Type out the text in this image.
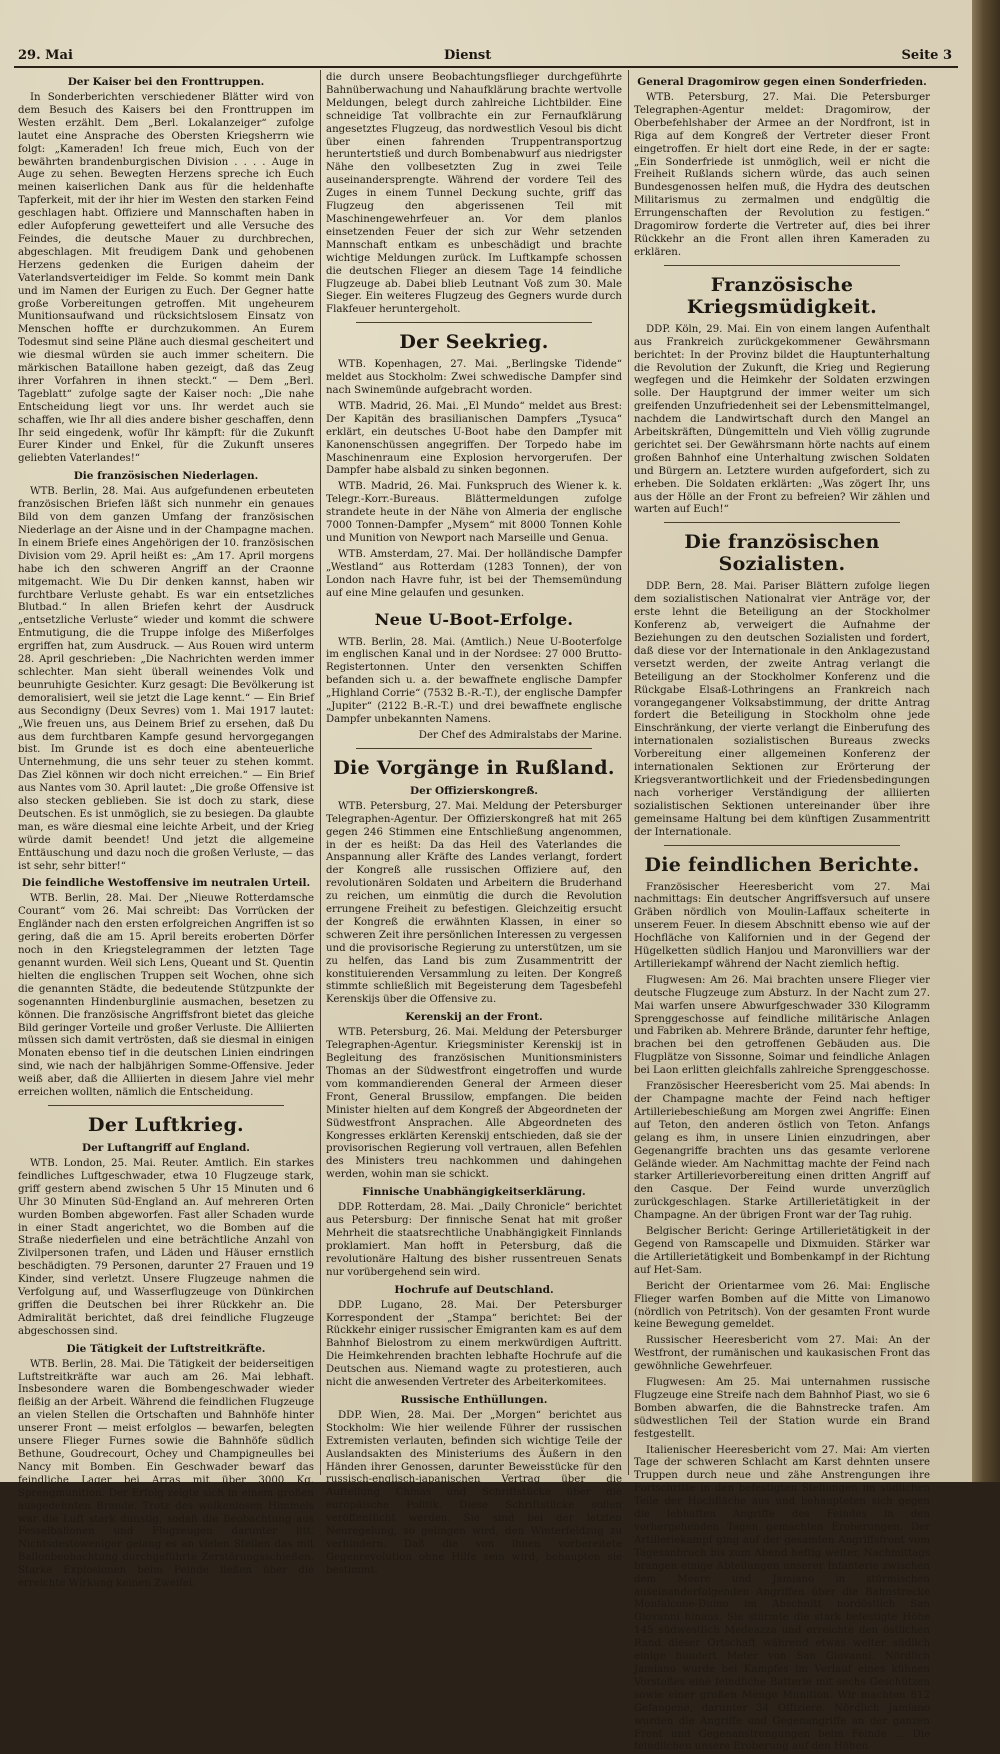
29. Mai	Dienst	Seite 3
Der Kaiser bei den Fronttruppen.

In Sonderberichten verschiedener Blätter wird von dem Besuch des Kaisers bei den Fronttruppen im Westen erzählt. Dem „Berl. Lokalanzeiger“ zufolge lautet eine Ansprache des Obersten Kriegsherrn wie folgt: „Kameraden! Ich freue mich, Euch von der bewährten brandenburgischen Division . . . . Auge in Auge zu sehen. Bewegten Herzens spreche ich Euch meinen kaiserlichen Dank aus für die heldenhafte Tapferkeit, mit der ihr hier im Westen den starken Feind geschlagen habt. Offiziere und Mannschaften haben in edler Aufopferung gewetteifert und alle Versuche des Feindes, die deutsche Mauer zu durchbrechen, abgeschlagen. Mit freudigem Dank und gehobenen Herzens gedenken die Eurigen daheim der Vaterlandsverteidiger im Felde. So kommt mein Dank und im Namen der Eurigen zu Euch. Der Gegner hatte große Vorbereitungen getroffen. Mit ungeheurem Munitionsaufwand und rücksichtslosem Einsatz von Menschen hoffte er durchzukommen. An Eurem Todesmut sind seine Pläne auch diesmal gescheitert und wie diesmal würden sie auch immer scheitern. Die märkischen Bataillone haben gezeigt, daß das Zeug ihrer Vorfahren in ihnen steckt.“ — Dem „Berl. Tageblatt“ zufolge sagte der Kaiser noch: „Die nahe Entscheidung liegt vor uns. Ihr werdet auch sie schaffen, wie Ihr all dies andere bisher geschaffen, denn Ihr seid eingedenk, wofür Ihr kämpft: für die Zukunft Eurer Kinder und Enkel, für die Zukunft unseres geliebten Vaterlandes!“

Die französischen Niederlagen.

WTB. Berlin, 28. Mai. Aus aufgefundenen erbeuteten französischen Briefen läßt sich nunmehr ein genaues Bild von dem ganzen Umfang der französischen Niederlage an der Aisne und in der Champagne machen. In einem Briefe eines Angehörigen der 10. französischen Division vom 29. April heißt es: „Am 17. April morgens habe ich den schweren Angriff an der Craonne mitgemacht. Wie Du Dir denken kannst, haben wir furchtbare Verluste gehabt. Es war ein entsetzliches Blutbad.“ In allen Briefen kehrt der Ausdruck „entsetzliche Verluste“ wieder und kommt die schwere Entmutigung, die die Truppe infolge des Mißerfolges ergriffen hat, zum Ausdruck. — Aus Rouen wird unterm 28. April geschrieben: „Die Nachrichten werden immer schlechter. Man sieht überall weinendes Volk und beunruhigte Gesichter. Kurz gesagt: Die Bevölkerung ist demoralisiert, weil sie jetzt die Lage kennt.“ — Ein Brief aus Secondigny (Deux Sevres) vom 1. Mai 1917 lautet: „Wie freuen uns, aus Deinem Brief zu ersehen, daß Du aus dem furchtbaren Kampfe gesund hervorgegangen bist. Im Grunde ist es doch eine abenteuerliche Unternehmung, die uns sehr teuer zu stehen kommt. Das Ziel können wir doch nicht erreichen.“ — Ein Brief aus Nantes vom 30. April lautet: „Die große Offensive ist also stecken geblieben. Sie ist doch zu stark, diese Deutschen. Es ist unmöglich, sie zu besiegen. Da glaubte man, es wäre diesmal eine leichte Arbeit, und der Krieg würde damit beendet! Und jetzt die allgemeine Enttäuschung und dazu noch die großen Verluste, — das ist sehr, sehr bitter!“

Die feindliche Westoffensive im neutralen Urteil.

WTB. Berlin, 28. Mai. Der „Nieuwe Rotterdamsche Courant“ vom 26. Mai schreibt: Das Vorrücken der Engländer nach den ersten erfolgreichen Angriffen ist so gering, daß die am 15. April bereits eroberten Dörfer noch in den Kriegstelegrammen der letzten Tage genannt wurden. Weil sich Lens, Queant und St. Quentin hielten die englischen Truppen seit Wochen, ohne sich die genannten Städte, die bedeutende Stützpunkte der sogenannten Hindenburglinie ausmachen, besetzen zu können. Die französische Angriffsfront bietet das gleiche Bild geringer Vorteile und großer Verluste. Die Alliierten müssen sich damit vertrösten, daß sie diesmal in einigen Monaten ebenso tief in die deutschen Linien eindringen sind, wie nach der halbjährigen Somme-Offensive. Jeder weiß aber, daß die Alliierten in diesem Jahre viel mehr erreichen wollten, nämlich die Entscheidung.

Der Luftkrieg.
Der Luftangriff auf England.

WTB. London, 25. Mai. Reuter. Amtlich. Ein starkes feindliches Luftgeschwader, etwa 10 Flugzeuge stark, griff gestern abend zwischen 5 Uhr 15 Minuten und 6 Uhr 30 Minuten Süd-England an. Auf mehreren Orten wurden Bomben abgeworfen. Fast aller Schaden wurde in einer Stadt angerichtet, wo die Bomben auf die Straße niederfielen und eine beträchtliche Anzahl von Zivilpersonen trafen, und Läden und Häuser ernstlich beschädigten. 79 Personen, darunter 27 Frauen und 19 Kinder, sind verletzt. Unsere Flugzeuge nahmen die Verfolgung auf, und Wasserflugzeuge von Dünkirchen griffen die Deutschen bei ihrer Rückkehr an. Die Admiralität berichtet, daß drei feindliche Flugzeuge abgeschossen sind.

Die Tätigkeit der Luftstreitkräfte.

WTB. Berlin, 28. Mai. Die Tätigkeit der beiderseitigen Luftstreitkräfte war auch am 26. Mai lebhaft. Insbesondere waren die Bombengeschwader wieder fleißig an der Arbeit. Während die feindlichen Flugzeuge an vielen Stellen die Ortschaften und Bahnhöfe hinter unserer Front — meist erfolglos — bewarfen, belegten unsere Flieger Furnes sowie die Bahnhöfe südlich Bethune, Goudrecourt, Ochey und Champigneulles bei Nancy mit Bomben. Ein Geschwader bewarf das feindliche Lager bei Arras mit über 3000 Kg. Sprengmunition. Der Erfolg zeigte sich in einem großen ausgedehnten Brande. Trotz des wolkenlosen Himmels war die Luft stark dunstig, sodaß die Beobachtung aus Fesselballonen und Flugzeugen darunter litt. Nichtsdestoweniger gelang es an vielen Stellen das mit Ballonbeobachtung durchgeführte Zerstörungsschießen. Starke Explosionen beim Feinde ließen über die erreichte Wirkung keinen Zweifel.

die durch unsere Beobachtungsflieger durchgeführte Bahnüberwachung und Nahaufklärung brachte wertvolle Meldungen, belegt durch zahlreiche Lichtbilder. Eine schneidige Tat vollbrachte ein zur Fernaufklärung angesetztes Flugzeug, das nordwestlich Vesoul bis dicht über einen fahrenden Truppentransportzug heruntertstieß und durch Bombenabwurf aus niedrigster Nähe den vollbesetzten Zug in zwei Teile auseinandersprengte. Während der vordere Teil des Zuges in einem Tunnel Deckung suchte, griff das Flugzeug den abgerissenen Teil mit Maschinengewehrfeuer an. Vor dem planlos einsetzenden Feuer der sich zur Wehr setzenden Mannschaft entkam es unbeschädigt und brachte wichtige Meldungen zurück. Im Luftkampfe schossen die deutschen Flieger an diesem Tage 14 feindliche Flugzeuge ab. Dabei blieb Leutnant Voß zum 30. Male Sieger. Ein weiteres Flugzeug des Gegners wurde durch Flakfeuer heruntergeholt.

Der Seekrieg.

WTB. Kopenhagen, 27. Mai. „Berlingske Tidende“ meldet aus Stockholm: Zwei schwedische Dampfer sind nach Swinemünde aufgebracht worden.

WTB. Madrid, 26. Mai. „El Mundo“ meldet aus Brest: Der Kapitän des brasilianischen Dampfers „Tysuca“ erklärt, ein deutsches U-Boot habe den Dampfer mit Kanonenschüssen angegriffen. Der Torpedo habe im Maschinenraum eine Explosion hervorgerufen. Der Dampfer habe alsbald zu sinken begonnen.

WTB. Madrid, 26. Mai. Funkspruch des Wiener k. k. Telegr.-Korr.-Bureaus. Blättermeldungen zufolge strandete heute in der Nähe von Almeria der englische 7000 Tonnen-Dampfer „Mysem“ mit 8000 Tonnen Kohle und Munition von Newport nach Marseille und Genua.

WTB. Amsterdam, 27. Mai. Der holländische Dampfer „Westland“ aus Rotterdam (1283 Tonnen), der von London nach Havre fuhr, ist bei der Themsemündung auf eine Mine gelaufen und gesunken.

Neue U-Boot-Erfolge.

WTB. Berlin, 28. Mai. (Amtlich.) Neue U-Booterfolge im englischen Kanal und in der Nordsee: 27 000 Brutto-Registertonnen. Unter den versenkten Schiffen befanden sich u. a. der bewaffnete englische Dampfer „Highland Corrie“ (7532 B.-R.-T.), der englische Dampfer „Jupiter“ (2122 B.-R.-T.) und drei bewaffnete englische Dampfer unbekannten Namens.

Der Chef des Admiralstabs der Marine.

Die Vorgänge in Rußland.
Der Offizierskongreß.

WTB. Petersburg, 27. Mai. Meldung der Petersburger Telegraphen-Agentur. Der Offizierskongreß hat mit 265 gegen 246 Stimmen eine Entschließung angenommen, in der es heißt: Da das Heil des Vaterlandes die Anspannung aller Kräfte des Landes verlangt, fordert der Kongreß alle russischen Offiziere auf, den revolutionären Soldaten und Arbeitern die Bruderhand zu reichen, um einmütig die durch die Revolution errungene Freiheit zu befestigen. Gleichzeitig ersucht der Kongreß die erwähnten Klassen, in einer so schweren Zeit ihre persönlichen Interessen zu vergessen und die provisorische Regierung zu unterstützen, um sie zu helfen, das Land bis zum Zusammentritt der konstituierenden Versammlung zu leiten. Der Kongreß stimmte schließlich mit Begeisterung dem Tagesbefehl Kerenskijs über die Offensive zu.

Kerenskij an der Front.

WTB. Petersburg, 26. Mai. Meldung der Petersburger Telegraphen-Agentur. Kriegsminister Kerenskij ist in Begleitung des französischen Munitionsministers Thomas an der Südwestfront eingetroffen und wurde vom kommandierenden General der Armeen dieser Front, General Brussilow, empfangen. Die beiden Minister hielten auf dem Kongreß der Abgeordneten der Südwestfront Ansprachen. Alle Abgeordneten des Kongresses erklärten Kerenskij entschieden, daß sie der provisorischen Regierung voll vertrauen, allen Befehlen des Ministers treu nachkommen und dahingehen werden, wohin man sie schickt.

Finnische Unabhängigkeitserklärung.

DDP. Rotterdam, 28. Mai. „Daily Chronicle“ berichtet aus Petersburg: Der finnische Senat hat mit großer Mehrheit die staatsrechtliche Unabhängigkeit Finnlands proklamiert. Man hofft in Petersburg, daß die revolutionäre Haltung des bisher russentreuen Senats nur vorübergehend sein wird.

Hochrufe auf Deutschland.

DDP. Lugano, 28. Mai. Der Petersburger Korrespondent der „Stampa“ berichtet: Bei der Rückkehr einiger russischer Emigranten kam es auf dem Bahnhof Bielostrom zu einem merkwürdigen Auftritt. Die Heimkehrenden brachten lebhafte Hochrufe auf die Deutschen aus. Niemand wagte zu protestieren, auch nicht die anwesenden Vertreter des Arbeiterkomitees.

Russische Enthüllungen.

DDP. Wien, 28. Mai. Der „Morgen“ berichtet aus Stockholm: Wie hier weilende Führer der russischen Extremisten verlauten, befinden sich wichtige Teile der Auslandsakten des Ministeriums des Äußern in den Händen ihrer Genossen, darunter Beweisstücke für den russisch-englisch-japanischen Vertrag über die Aufteilung Chinas und Schriftstücke über die europäische Politik. Diese Schriftstücke sollen veröffentlicht werden. Sie sind bei der letzten Neuregelung, so gelingen wird, den Winterfeldzug zu verhindern. Daß die von ihnen vorbereitete Gegenrevolution ohne Hilfe sein wird, behaupten sie bestimmt.

General Dragomirow gegen einen Sonderfrieden.

WTB. Petersburg, 27. Mai. Die Petersburger Telegraphen-Agentur meldet: Dragomirow, der Oberbefehlshaber der Armee an der Nordfront, ist in Riga auf dem Kongreß der Vertreter dieser Front eingetroffen. Er hielt dort eine Rede, in der er sagte: „Ein Sonderfriede ist unmöglich, weil er nicht die Freiheit Rußlands sichern würde, das auch seinen Bundesgenossen helfen muß, die Hydra des deutschen Militarismus zu zermalmen und endgültig die Errungenschaften der Revolution zu festigen.“ Dragomirow forderte die Vertreter auf, dies bei ihrer Rückkehr an die Front allen ihren Kameraden zu erklären.

Französische Kriegsmüdigkeit.

DDP. Köln, 29. Mai. Ein von einem langen Aufenthalt aus Frankreich zurückgekommener Gewährsmann berichtet: In der Provinz bildet die Hauptunterhaltung die Revolution der Zukunft, die Krieg und Regierung wegfegen und die Heimkehr der Soldaten erzwingen solle. Der Hauptgrund der immer weiter um sich greifenden Unzufriedenheit sei der Lebensmittelmangel, nachdem die Landwirtschaft durch den Mangel an Arbeitskräften, Düngemitteln und Vieh völlig zugrunde gerichtet sei. Der Gewährsmann hörte nachts auf einem großen Bahnhof eine Unterhaltung zwischen Soldaten und Bürgern an. Letztere wurden aufgefordert, sich zu erheben. Die Soldaten erklärten: „Was zögert Ihr, uns aus der Hölle an der Front zu befreien? Wir zählen und warten auf Euch!“

Die französischen Sozialisten.

DDP. Bern, 28. Mai. Pariser Blättern zufolge liegen dem sozialistischen Nationalrat vier Anträge vor, der erste lehnt die Beteiligung an der Stockholmer Konferenz ab, verweigert die Aufnahme der Beziehungen zu den deutschen Sozialisten und fordert, daß diese vor der Internationale in den Anklagezustand versetzt werden, der zweite Antrag verlangt die Beteiligung an der Stockholmer Konferenz und die Rückgabe Elsaß-Lothringens an Frankreich nach vorangegangener Volksabstimmung, der dritte Antrag fordert die Beteiligung in Stockholm ohne jede Einschränkung, der vierte verlangt die Einberufung des internationalen sozialistischen Bureaus zwecks Vorbereitung einer allgemeinen Konferenz der internationalen Sektionen zur Erörterung der Kriegsverantwortlichkeit und der Friedensbedingungen nach vorheriger Verständigung der alliierten sozialistischen Sektionen untereinander über ihre gemeinsame Haltung bei dem künftigen Zusammentritt der Internationale.

Die feindlichen Berichte.

Französischer Heeresbericht vom 27. Mai nachmittags: Ein deutscher Angriffsversuch auf unsere Gräben nördlich von Moulin-Laffaux scheiterte in unserem Feuer. In diesem Abschnitt ebenso wie auf der Hochfläche von Kalifornien und in der Gegend der Hügelketten südlich Hanjou und Maronvilliers war der Artilleriekampf während der Nacht ziemlich heftig.

Flugwesen: Am 26. Mai brachten unsere Flieger vier deutsche Flugzeuge zum Absturz. In der Nacht zum 27. Mai warfen unsere Abwurfgeschwader 330 Kilogramm Sprenggeschosse auf feindliche militärische Anlagen und Fabriken ab. Mehrere Brände, darunter fehr heftige, brachen bei den getroffenen Gebäuden aus. Die Flugplätze von Sissonne, Soimar und feindliche Anlagen bei Laon erlitten gleichfalls zahlreiche Sprenggeschosse.

Französischer Heeresbericht vom 25. Mai abends: In der Champagne machte der Feind nach heftiger Artilleriebeschießung am Morgen zwei Angriffe: Einen auf Teton, den anderen östlich von Teton. Anfangs gelang es ihm, in unsere Linien einzudringen, aber Gegenangriffe brachten uns das gesamte verlorene Gelände wieder. Am Nachmittag machte der Feind nach starker Artillerievorbereitung einen dritten Angriff auf den Casque. Der Feind wurde unverzüglich zurückgeschlagen. Starke Artillerietätigkeit in der Champagne. An der übrigen Front war der Tag ruhig.

Belgischer Bericht: Geringe Artillerietätigkeit in der Gegend von Ramscapelle und Dixmuiden. Stärker war die Artillerietätigkeit und Bombenkampf in der Richtung auf Het-Sam.

Bericht der Orientarmee vom 26. Mai: Englische Flieger warfen Bomben auf die Mitte von Limanowo (nördlich von Petritsch). Von der gesamten Front wurde keine Bewegung gemeldet.

Russischer Heeresbericht vom 27. Mai: An der Westfront, der rumänischen und kaukasischen Front das gewöhnliche Gewehrfeuer.

Flugwesen: Am 25. Mai unternahmen russische Flugzeuge eine Streife nach dem Bahnhof Piast, wo sie 6 Bomben abwarfen, die die Bahnstrecke trafen. Am südwestlichen Teil der Station wurde ein Brand festgestellt.

Italienischer Heeresbericht vom 27. Mai: Am vierten Tage der schweren Schlacht am Karst dehnten unsere Truppen durch neue und zähe Anstrengungen ihre Fortschritte in den befestigten Stellungen im südlichen Teile der Hochfläche aus und behaupteten sich gegen die lebhaften Angriffe des Feindes in den vorhergehenden Tagen gemachten Eroberungen. Der Artilleriekampf ging auf der gesamten Angriffsfront vom Tagesanbruch bis zum Abend heftig weiter. Nachmittags brangen einige Abteilungen unserer Infanterie zwischen dem Meere und Jamiano in stürmischen auseinanderfolgenden Angriffen über die Bahnstrecke Monfalcone-Duino im Abschnitt nordöstlich San Giovanni hinaus. Sie stürmte die stark befestigte Höhe 145 südwestlich Medeazza und erreichte den östlichen Rand dieser Ortschaft während etwas weiter südlich einige hundert Meter von San Giovanni. Nördlich Jamiano wurde bei Kampfes im Verlauf eines kühnen Vorstoßes eine feindliche Batterie mit sechs Geschützen sowie einer großen Menge Munition. Wir machten 812 Gefangene, darunter 34 Offiziere. Nördlich Jamiano wurden die Angriffe und Gegenangriffe an der ganzen Front und Gegenanstrengungen beim Feinde ... Die feindlichen unsere Eroberung auf den Höhen
